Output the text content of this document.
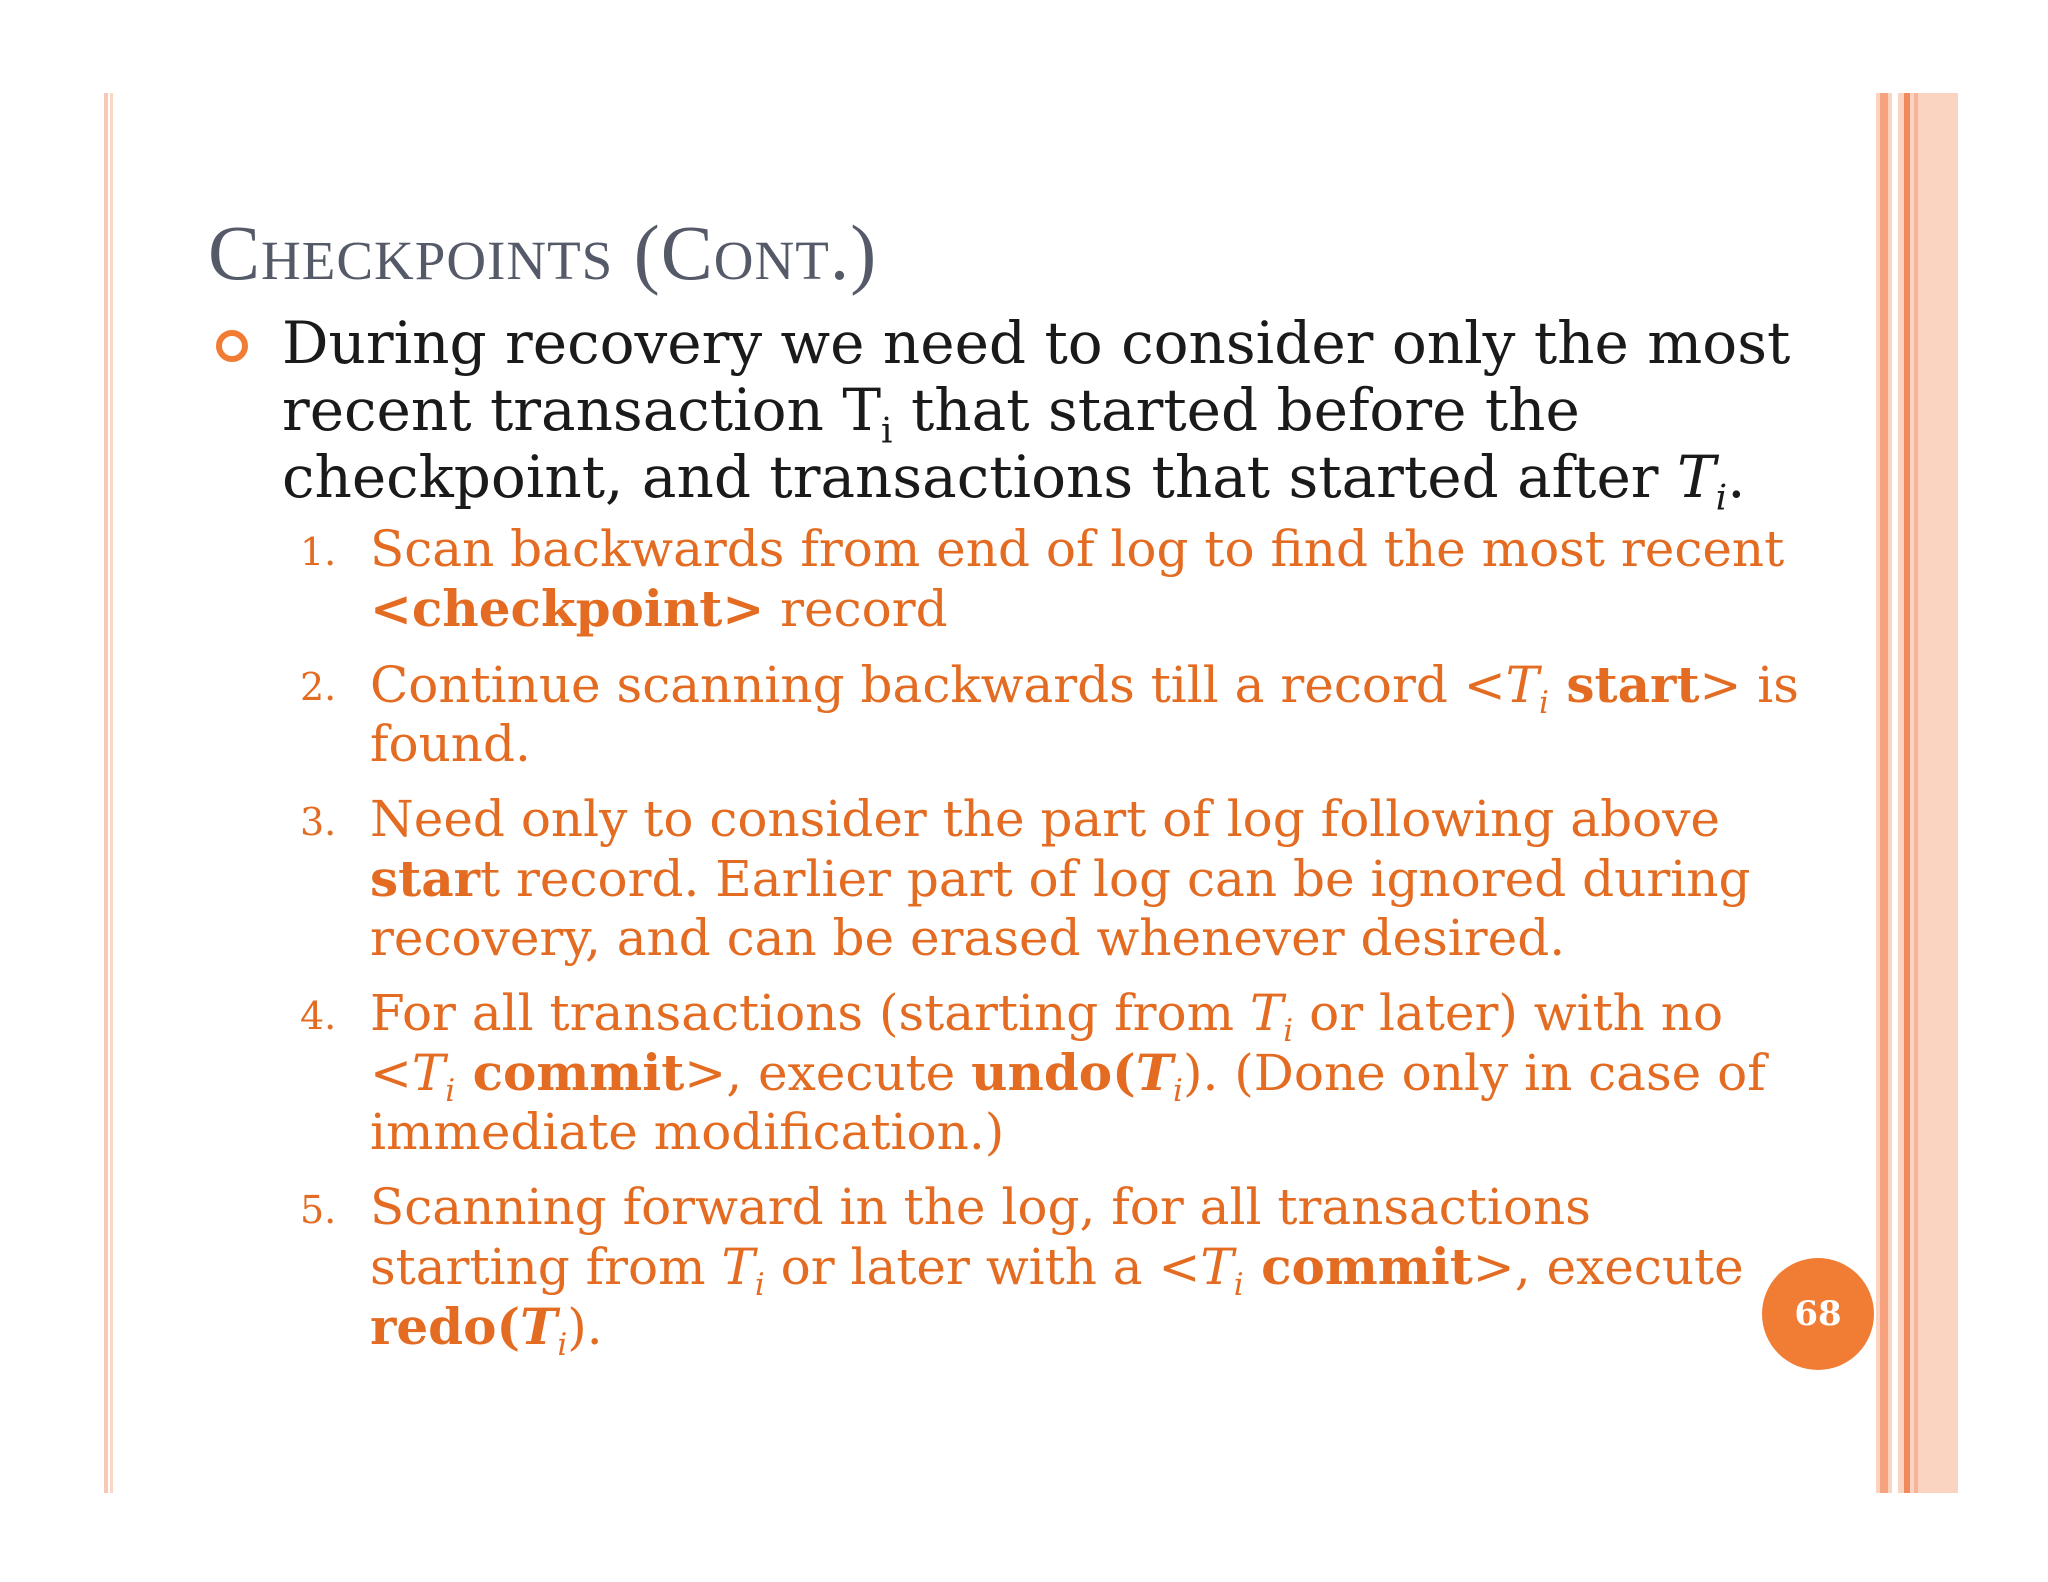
Checkpoints (Cont.)
During recovery we need to consider only the most recent transaction $T_i$ that started before the checkpoint, and transactions that started after $T_i$.
1. Scan backwards from end of log to find the most recent <checkpoint> record
2. Continue scanning backwards till a record $<T_i$ start> is found.
3. Need only to consider the part of log following above start record. Earlier part of log can be ignored during recovery, and can be erased whenever desired.
4. For all transactions (starting from $T_i$ or later) with no $<T_i$ commit>, execute $undo(T_i)$. (Done only in case of immediate modification.)
5. Scanning forward in the log, for all transactions starting from $T_i$ or later with $a <T_i$ commit>, execute $redo(T_i)$.	68
